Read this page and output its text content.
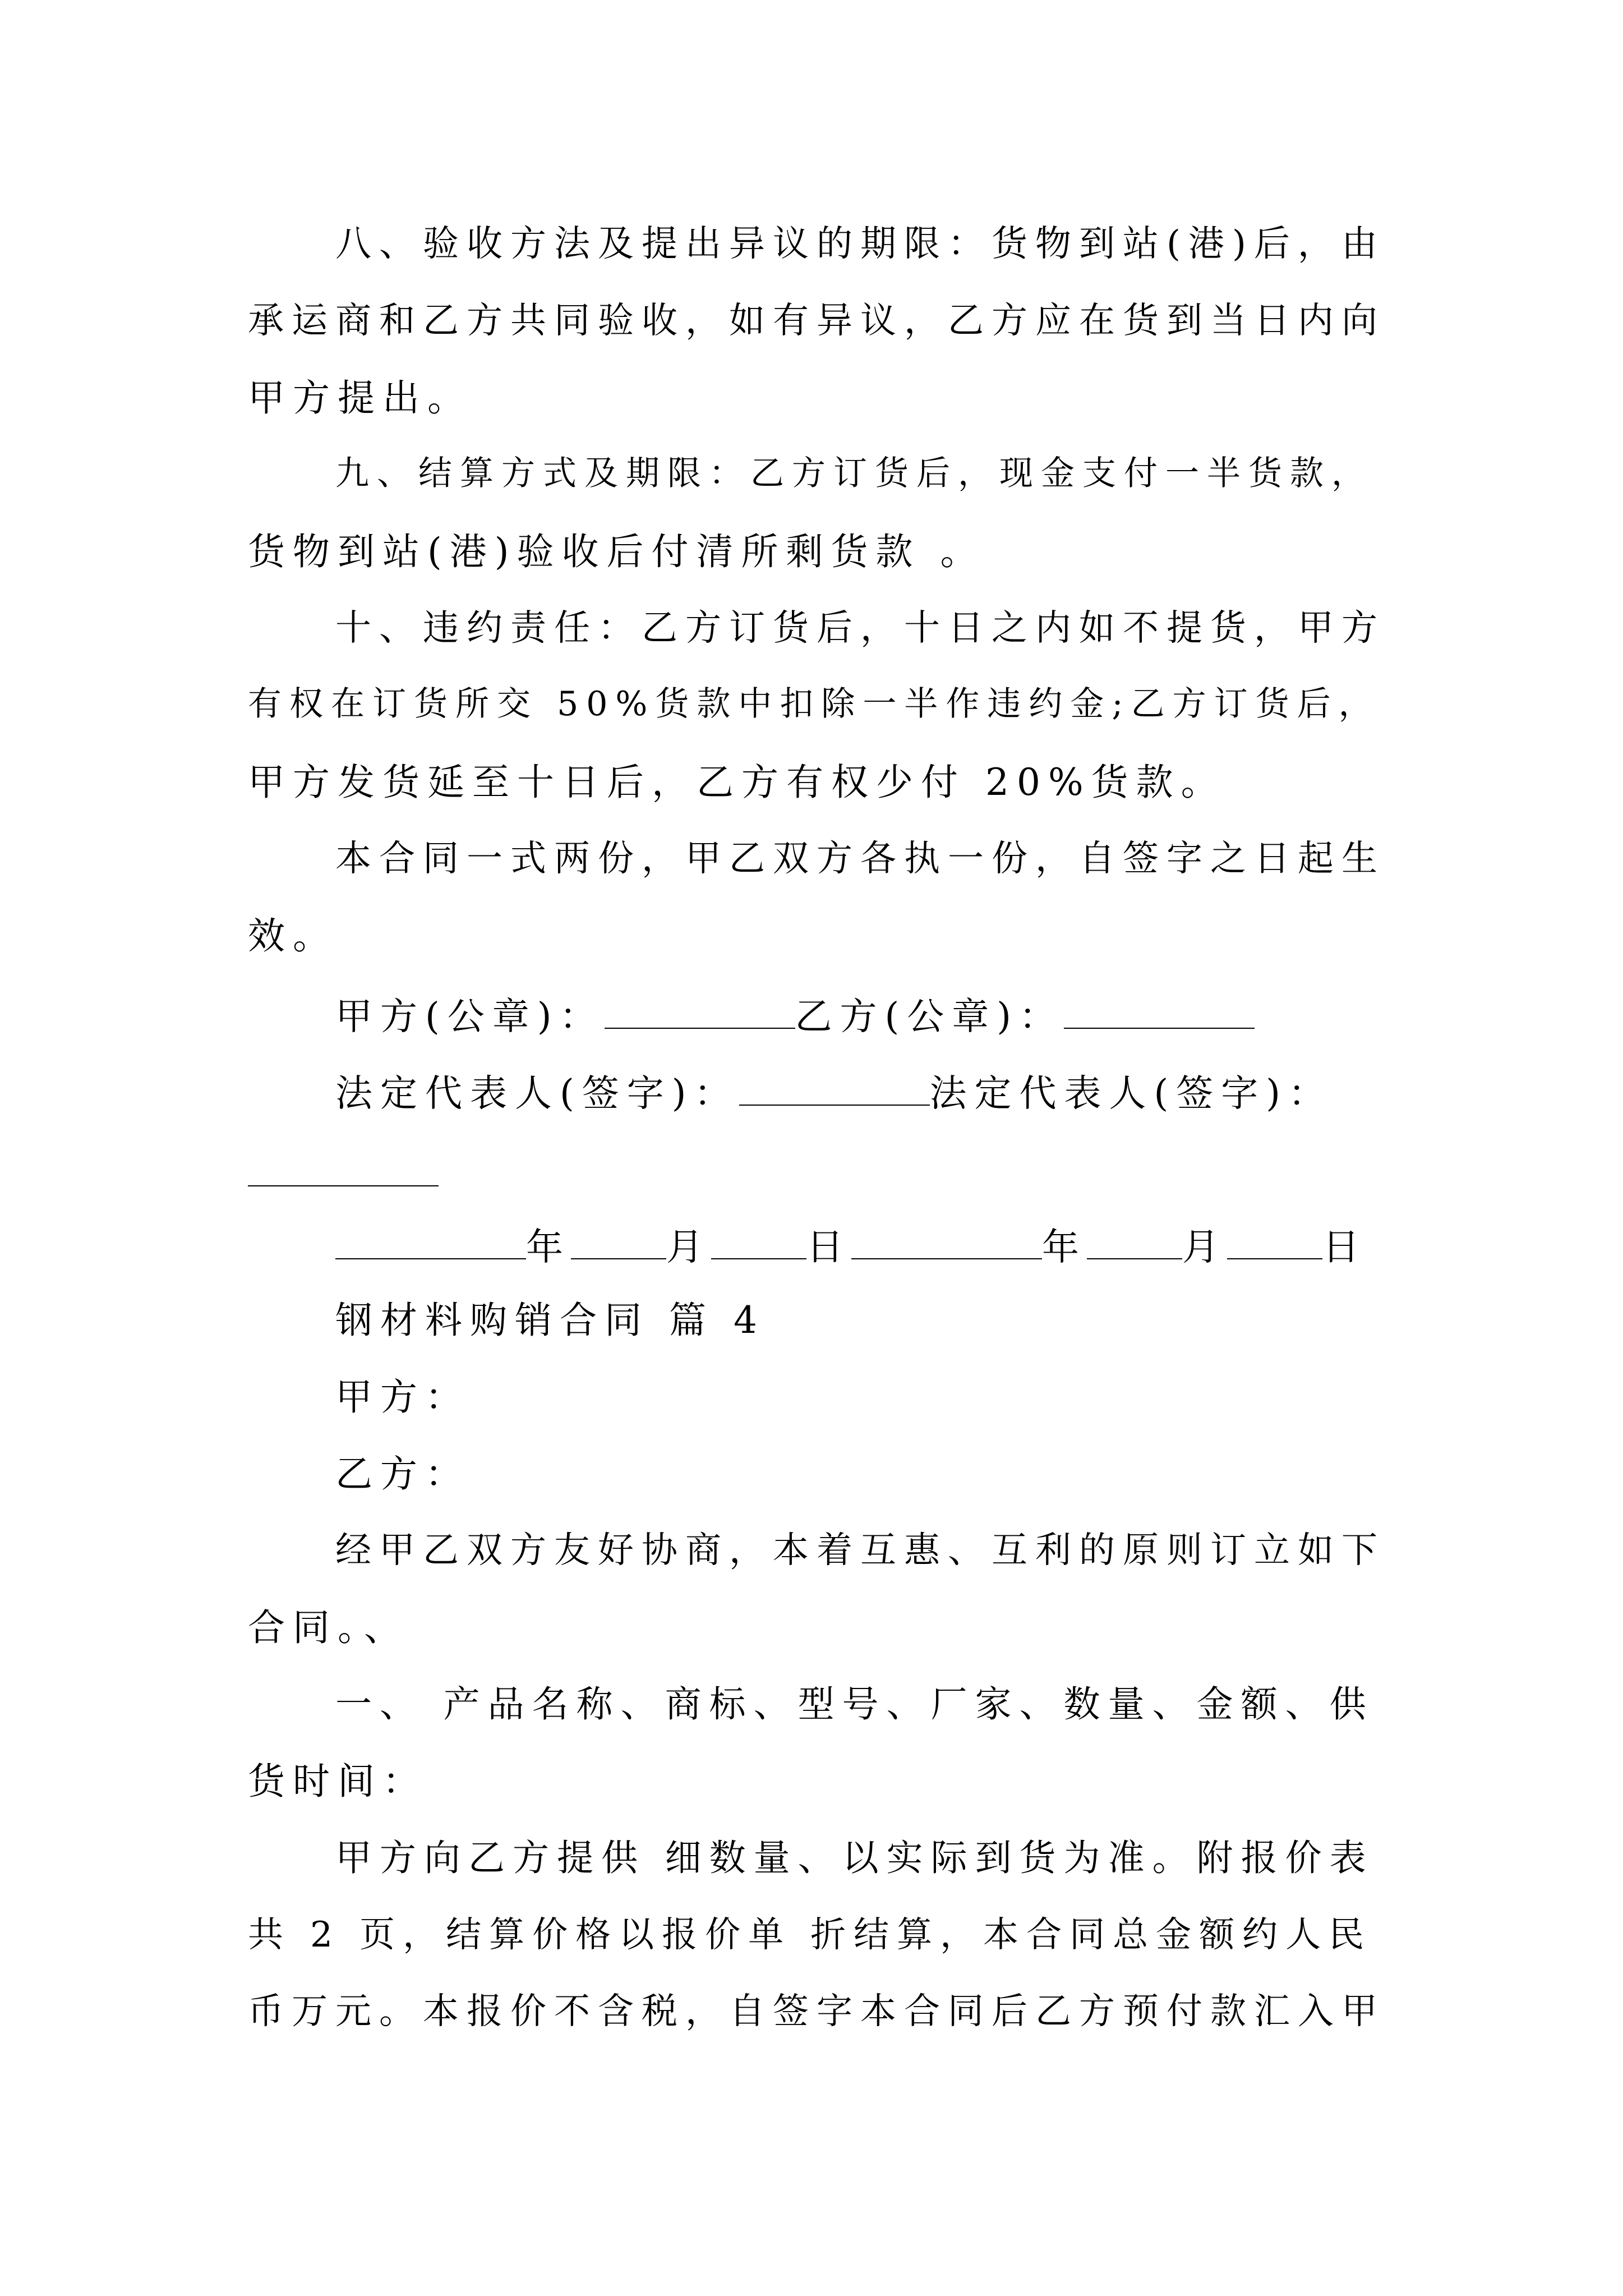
八、验收方法及提出异议的期限：货物到站(港)后，由
承运商和乙方共同验收，如有异议，乙方应在货到当日内向
甲方提出。
九、结算方式及期限：乙方订货后，现金支付一半货款，
货物到站(港)验收后付清所剩货款 。
十、违约责任：乙方订货后，十日之内如不提货，甲方
有权在订货所交 50%货款中扣除一半作违约金;乙方订货后，
甲方发货延至十日后，乙方有权少付 20%货款。
本合同一式两份，甲乙双方各执一份，自签字之日起生
效。
甲方(公章)：	乙方(公章)：
法定代表人(签字)：	法定代表人(签字)：
年	月	日	年	月	日
钢材料购销合同 篇 4
甲方：
乙方：
经甲乙双方友好协商，本着互惠、互利的原则订立如下
合同。、
一、 产品名称、商标、型号、厂家、数量、金额、供
货时间：
甲方向乙方提供 细数量、以实际到货为准。附报价表
共 2 页，结算价格以报价单 折结算，本合同总金额约人民
币万元。本报价不含税，自签字本合同后乙方预付款汇入甲
